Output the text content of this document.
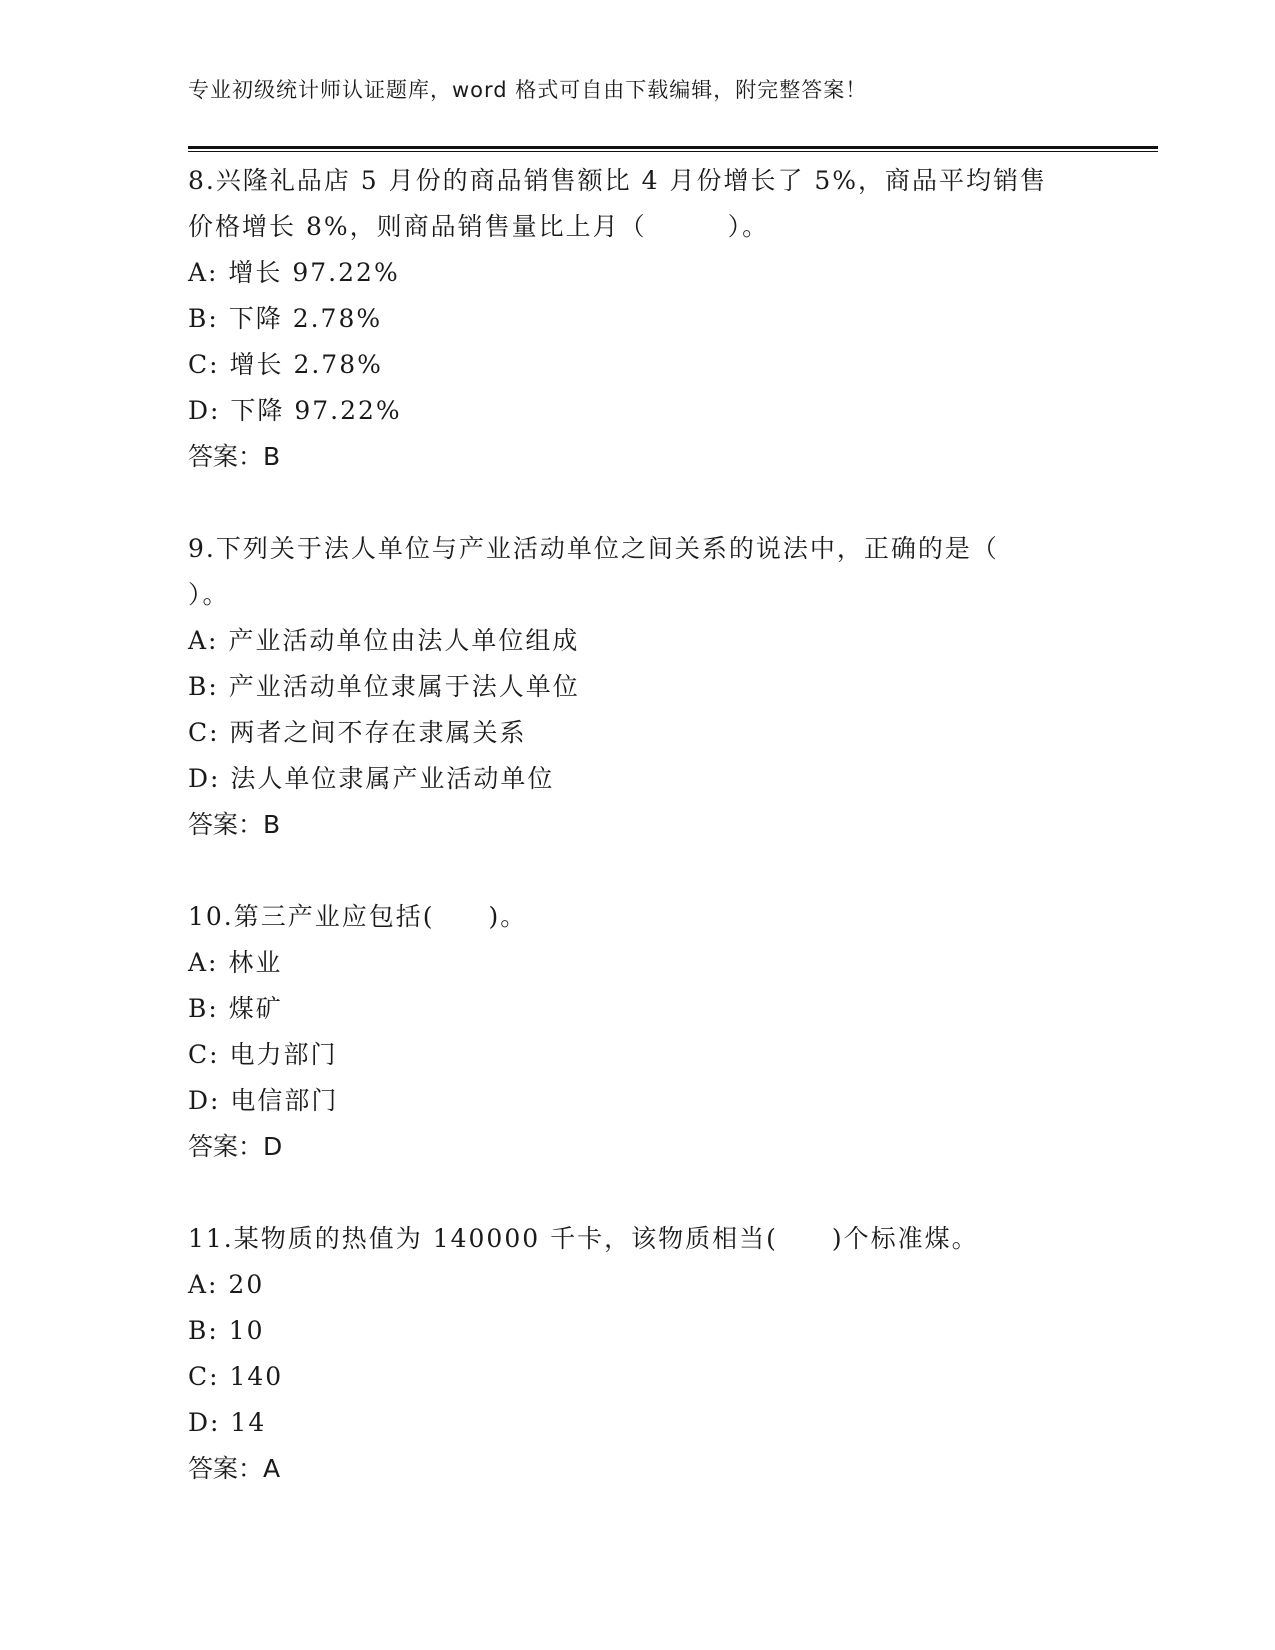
专业初级统计师认证题库，word 格式可自由下载编辑，附完整答案！
8.兴隆礼品店 5 月份的商品销售额比 4 月份增长了 5%，商品平均销售
价格增长 8%，则商品销售量比上月（　　　）。
A: 增长 97.22%
B: 下降 2.78%
C: 增长 2.78%
D: 下降 97.22%
答案：B
9.下列关于法人单位与产业活动单位之间关系的说法中，正确的是（
）。
A: 产业活动单位由法人单位组成
B: 产业活动单位隶属于法人单位
C: 两者之间不存在隶属关系
D: 法人单位隶属产业活动单位
答案：B
10.第三产业应包括(　　)。
A: 林业
B: 煤矿
C: 电力部门
D: 电信部门
答案：D
11.某物质的热值为 140000 千卡，该物质相当(　　)个标准煤。
A: 20
B: 10
C: 140
D: 14
答案：A
